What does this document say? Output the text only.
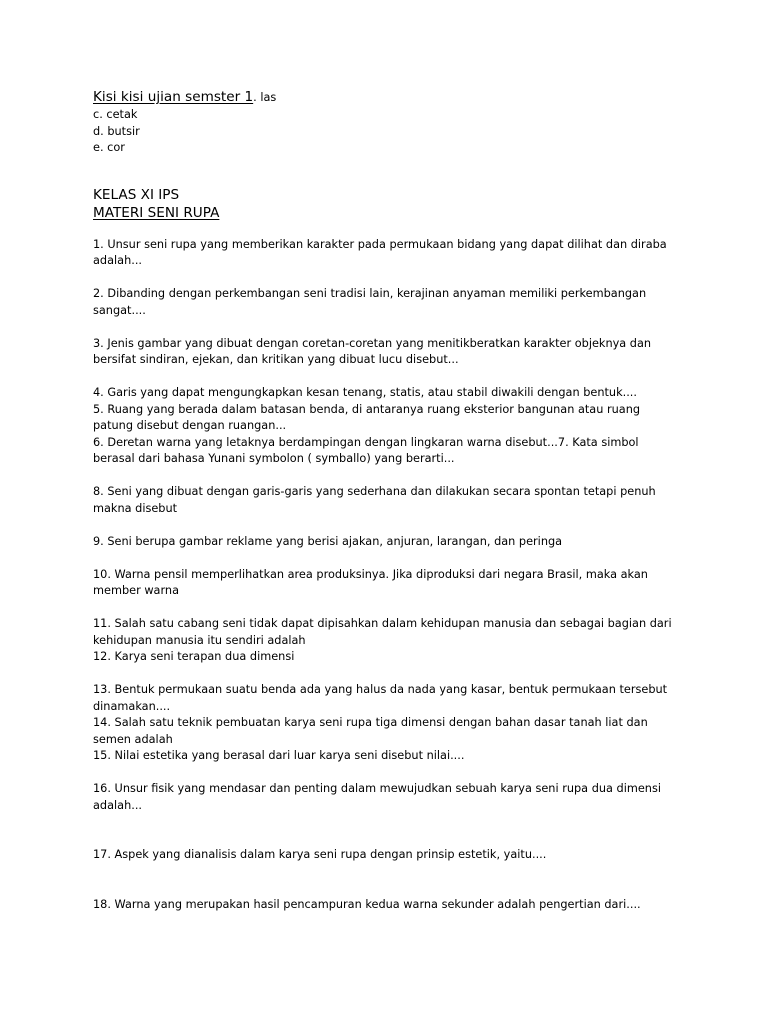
Kisi kisi ujian semster 1. las
c. cetak
d. butsir
e. cor
KELAS XI IPS
MATERI SENI RUPA
1. Unsur seni rupa yang memberikan karakter pada permukaan bidang yang dapat dilihat dan diraba adalah...
2. Dibanding dengan perkembangan seni tradisi lain, kerajinan anyaman memiliki perkembangan sangat....
3. Jenis gambar yang dibuat dengan coretan-coretan yang menitikberatkan karakter objeknya dan bersifat sindiran, ejekan, dan kritikan yang dibuat lucu disebut...
4. Garis yang dapat mengungkapkan kesan tenang, statis, atau stabil diwakili dengan bentuk....
5. Ruang yang berada dalam batasan benda, di antaranya ruang eksterior bangunan atau ruang patung disebut dengan ruangan...
6. Deretan warna yang letaknya berdampingan dengan lingkaran warna disebut...7. Kata simbol berasal dari bahasa Yunani symbolon ( symballo) yang berarti...
8. Seni yang dibuat dengan garis-garis yang sederhana dan dilakukan secara spontan tetapi penuh makna disebut
9. Seni berupa gambar reklame yang berisi ajakan, anjuran, larangan, dan peringa
10. Warna pensil memperlihatkan area produksinya. Jika diproduksi dari negara Brasil, maka akan member warna
11. Salah satu cabang seni tidak dapat dipisahkan dalam kehidupan manusia dan sebagai bagian dari kehidupan manusia itu sendiri adalah
12. Karya seni terapan dua dimensi
13. Bentuk permukaan suatu benda ada yang halus da nada yang kasar, bentuk permukaan tersebut dinamakan....
14. Salah satu teknik pembuatan karya seni rupa tiga dimensi dengan bahan dasar tanah liat dan semen adalah
15. Nilai estetika yang berasal dari luar karya seni disebut nilai....
16. Unsur fisik yang mendasar dan penting dalam mewujudkan sebuah karya seni rupa dua dimensi adalah...
17. Aspek yang dianalisis dalam karya seni rupa dengan prinsip estetik, yaitu....
18. Warna yang merupakan hasil pencampuran kedua warna sekunder adalah pengertian dari....
